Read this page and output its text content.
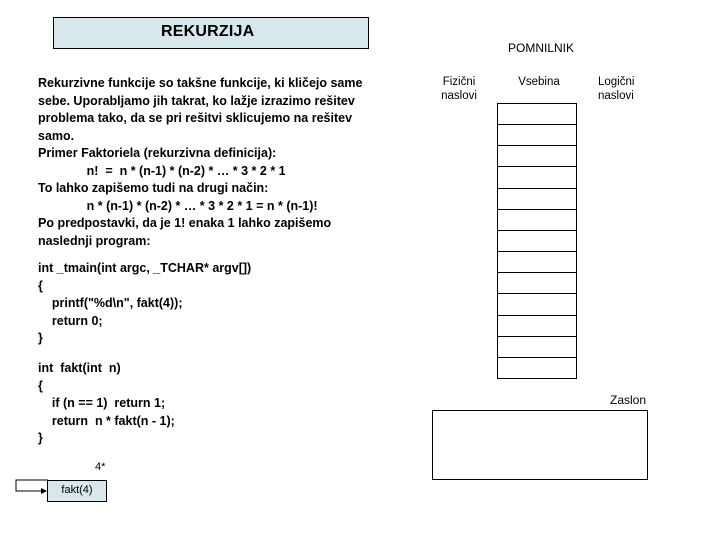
REKURZIJA
POMNILNIK
Rekurzivne funkcije so takšne funkcije, ki kličejo same
sebe. Uporabljamo jih takrat, ko lažje izrazimo rešitev
problema tako, da se pri rešitvi sklicujemo na rešitev
samo.
Primer Faktoriela (rekurzivna definicija):
n!  =  n * (n-1) * (n-2) * … * 3 * 2 * 1
To lahko zapišemo tudi na drugi način:
n * (n-1) * (n-2) * … * 3 * 2 * 1 = n * (n-1)!
Po predpostavki, da je 1! enaka 1 lahko zapišemo
naslednji program:
int _tmain(int argc, _TCHAR* argv[])
{
printf("%d\n", fakt(4));
return 0;
}
int  fakt(int  n)
{
if (n == 1)  return 1;
return  n * fakt(n - 1);
}
Fizični naslovi
Vsebina	Logični naslovi
Zaslon
4*
fakt(4)
